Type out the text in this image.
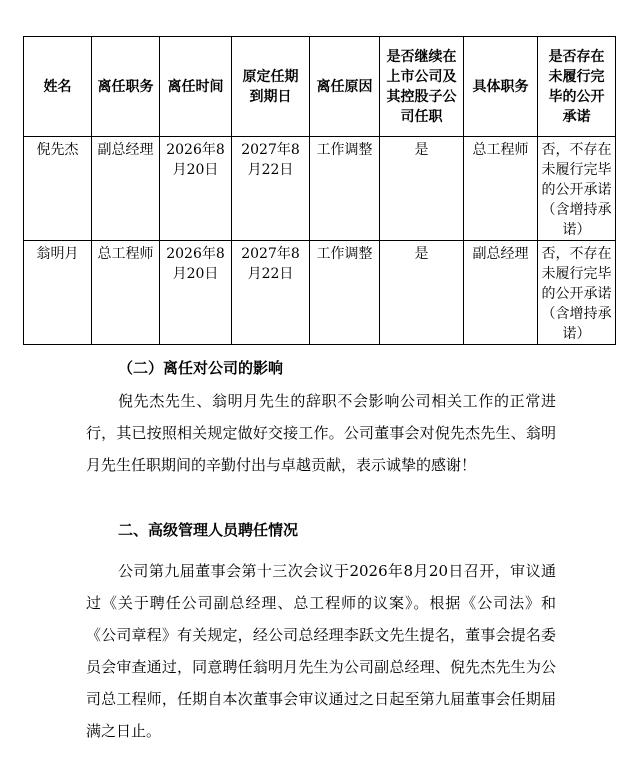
姓名	离任职务	离任时间	原定任期到期日	离任原因	是否继续在上市公司及其控股子公司任职	具体职务	是否存在未履行完毕的公开承诺
倪先杰	副总经理	2026年8月20日	2027年8月22日	工作调整	是	总工程师	否，不存在未履行完毕的公开承诺（含增持承诺）
翁明月	总工程师	2026年8月20日	2027年8月22日	工作调整	是	副总经理	否，不存在未履行完毕的公开承诺（含增持承诺）

（二）离任对公司的影响

倪先杰先生、翁明月先生的辞职不会影响公司相关工作的正常进行，其已按照相关规定做好交接工作。公司董事会对倪先杰先生、翁明月先生任职期间的辛勤付出与卓越贡献，表示诚挚的感谢！

二、高级管理人员聘任情况

公司第九届董事会第十三次会议于2026年8月20日召开，审议通过《关于聘任公司副总经理、总工程师的议案》。根据《公司法》和《公司章程》有关规定，经公司总经理李跃文先生提名，董事会提名委员会审查通过，同意聘任翁明月先生为公司副总经理、倪先杰先生为公司总工程师，任期自本次董事会审议通过之日起至第九届董事会任期届满之日止。
